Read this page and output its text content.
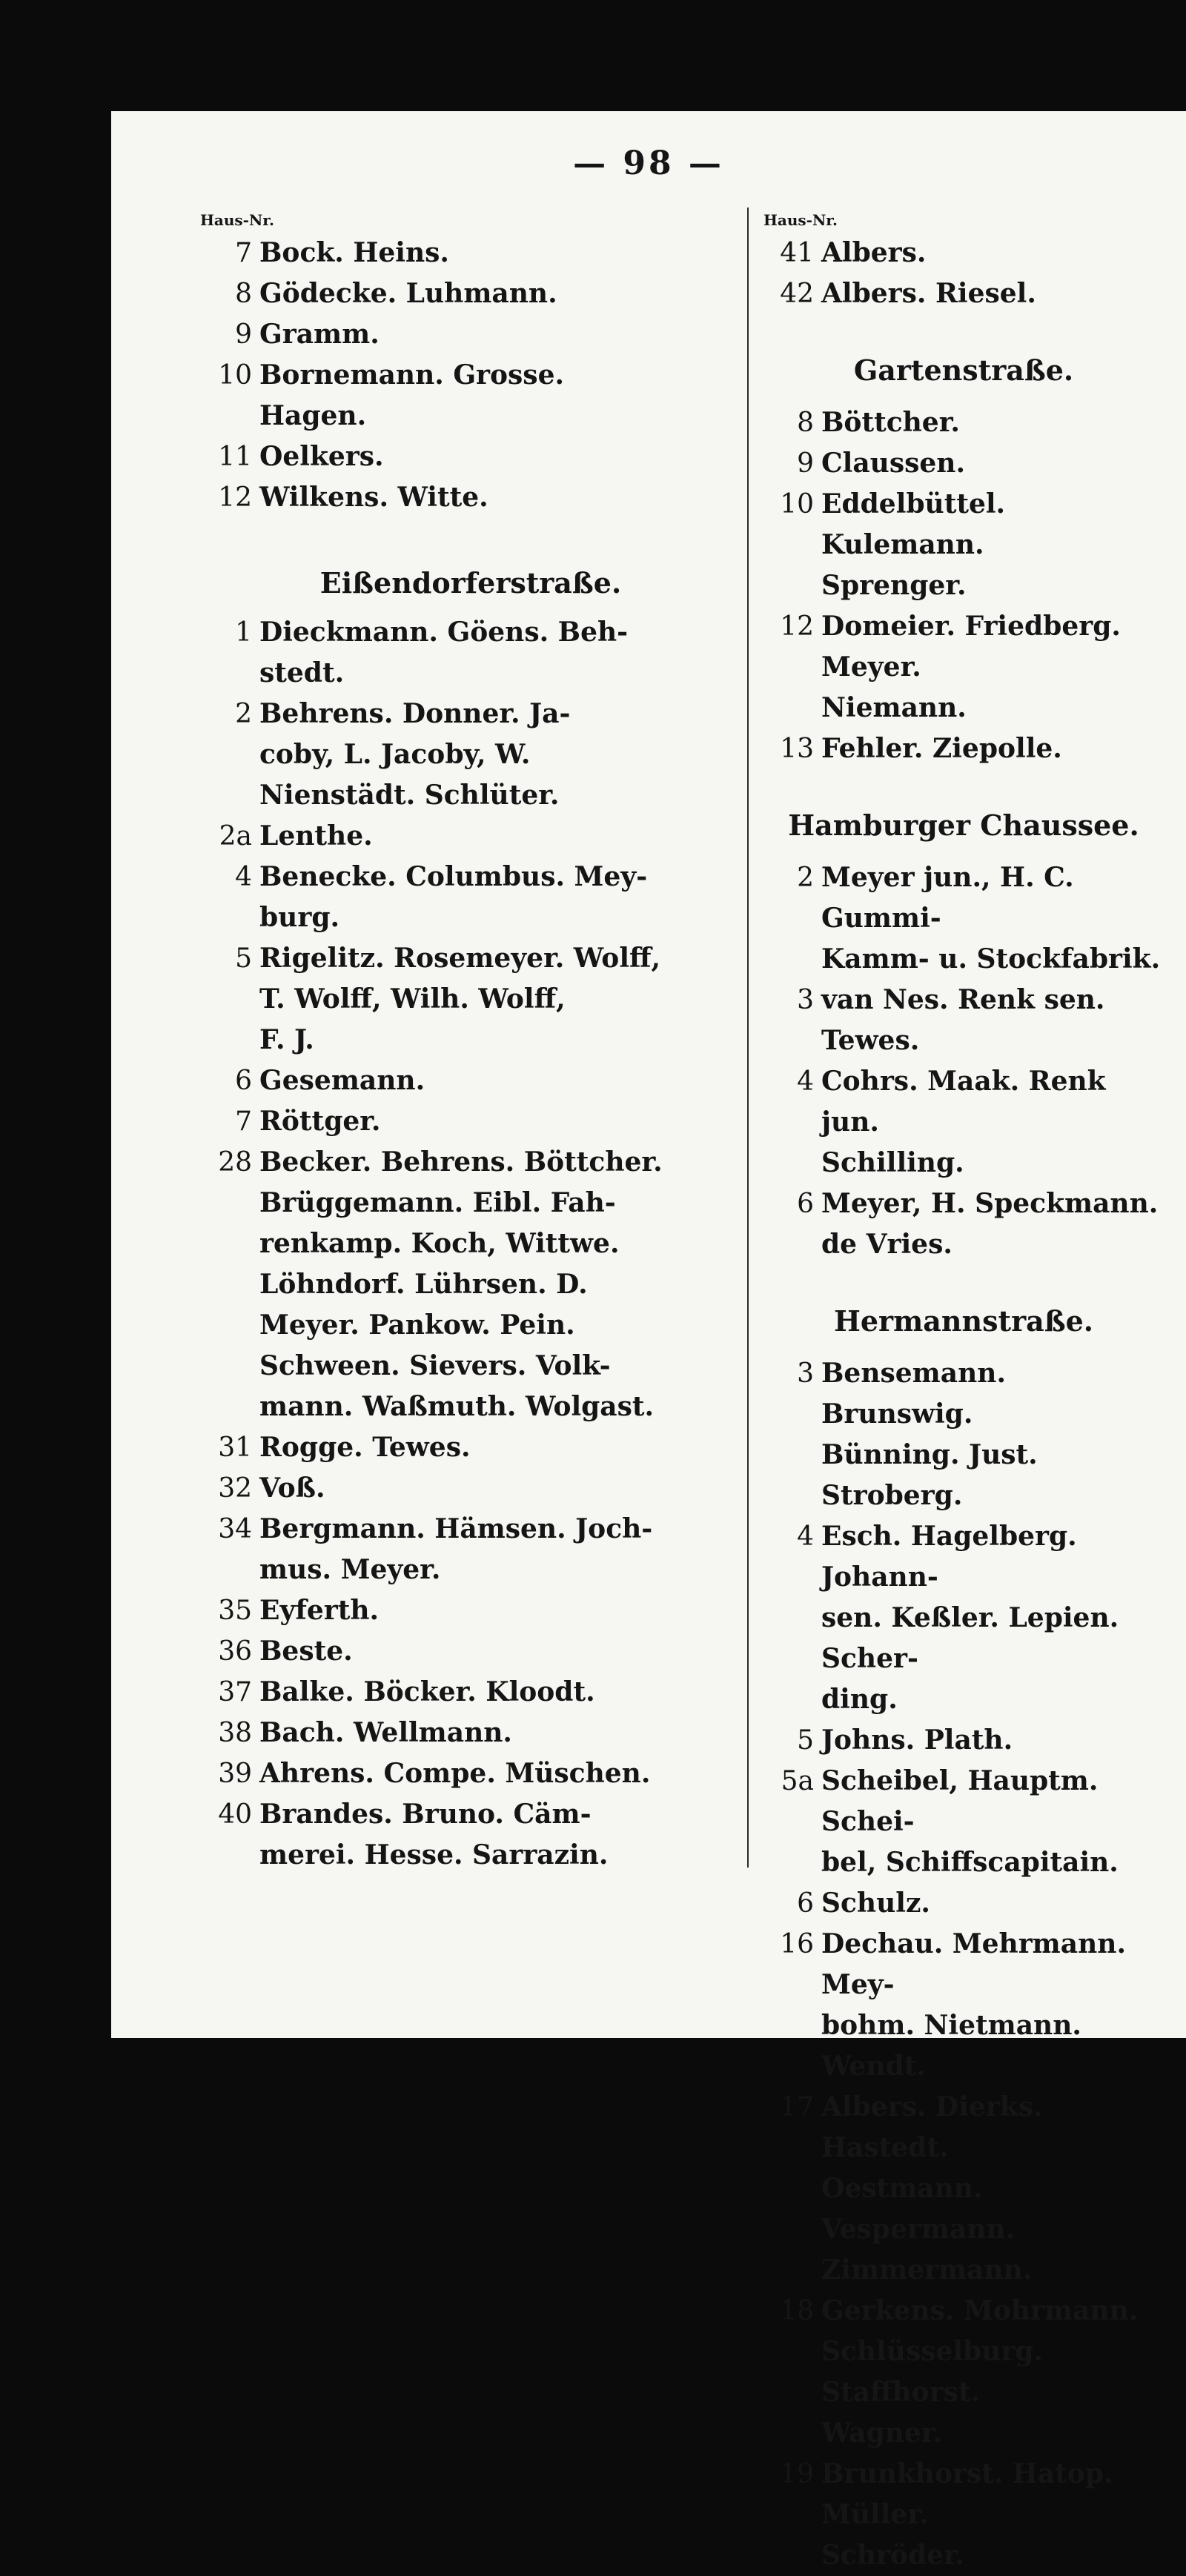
— 98 —
Haus-Nr.
7 Bock. Heins.
8 Gödecke. Luhmann.
9 Gramm.
10 Bornemann. Grosse.
Hagen.
11 Oelkers.
12 Wilkens. Witte.
Eißendorferstraße.
1 Dieckmann. Göens. Beh-
stedt.
2 Behrens. Donner. Ja-
coby, L. Jacoby, W.
Nienstädt. Schlüter.
2a Lenthe.
4 Benecke. Columbus. Mey-
burg.
5 Rigelitz. Rosemeyer. Wolff,
T. Wolff, Wilh. Wolff,
F. J.
6 Gesemann.
7 Röttger.
28 Becker. Behrens. Böttcher.
Brüggemann. Eibl. Fah-
renkamp. Koch, Wittwe.
Löhndorf. Lührsen. D.
Meyer. Pankow. Pein.
Schween. Sievers. Volk-
mann. Waßmuth. Wolgast.
31 Rogge. Tewes.
32 Voß.
34 Bergmann. Hämsen. Joch-
mus. Meyer.
35 Eyferth.
36 Beste.
37 Balke. Böcker. Kloodt.
38 Bach. Wellmann.
39 Ahrens. Compe. Müschen.
40 Brandes. Bruno. Cäm-
merei. Hesse. Sarrazin.
Haus-Nr.
41 Albers.
42 Albers. Riesel.
Gartenstraße.
8 Böttcher.
9 Claussen.
10 Eddelbüttel. Kulemann.
Sprenger.
12 Domeier. Friedberg. Meyer.
Niemann.
13 Fehler. Ziepolle.
Hamburger Chaussee.
2 Meyer jun., H. C. Gummi-
Kamm- u. Stockfabrik.
3 van Nes. Renk sen. Tewes.
4 Cohrs. Maak. Renk jun.
Schilling.
6 Meyer, H. Speckmann.
de Vries.
Hermannstraße.
3 Bensemann. Brunswig.
Bünning. Just. Stroberg.
4 Esch. Hagelberg. Johann-
sen. Keßler. Lepien. Scher-
ding.
5 Johns. Plath.
5a Scheibel, Hauptm. Schei-
bel, Schiffscapitain.
6 Schulz.
16 Dechau. Mehrmann. Mey-
bohm. Nietmann. Wendt.
17 Albers. Dierks. Hastedt.
Oestmann. Vespermann.
Zimmermann.
18 Gerkens. Mohrmann.
Schlüsselburg. Staffhorst.
Wagner.
19 Brunkhorst. Hatop. Müller.
Schröder.
